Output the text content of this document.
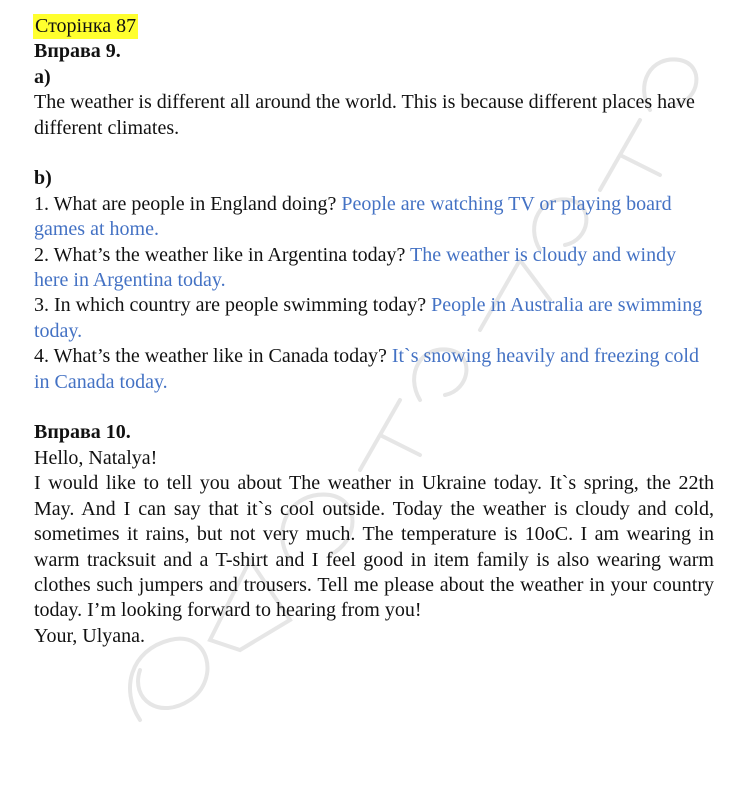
Сторінка 87
Вправа 9.
a)
The weather is different all around the world. This is because different places have different climates.
b)
1. What are people in England doing? People are watching TV or playing board games at home.
2. What’s the weather like in Argentina today? The weather is cloudy and windy here in Argentina today.
3. In which country are people swimming today? People in Australia are swimming today.
4. What’s the weather like in Canada today? It`s snowing heavily and freezing cold in Canada today.
Вправа 10.
Hello, Natalya!
I would like to tell you about The weather in Ukraine today. It`s spring, the 22th May. And I can say that it`s cool outside. Today the weather is cloudy and cold, sometimes it rains, but not very much. The temperature is 10oC. I am wearing in warm tracksuit and a T-shirt and I feel good in item family is also wearing warm clothes such jumpers and trousers. Tell me please about the weather in your country today. I’m looking forward to hearing from you!
Your, Ulyana.
